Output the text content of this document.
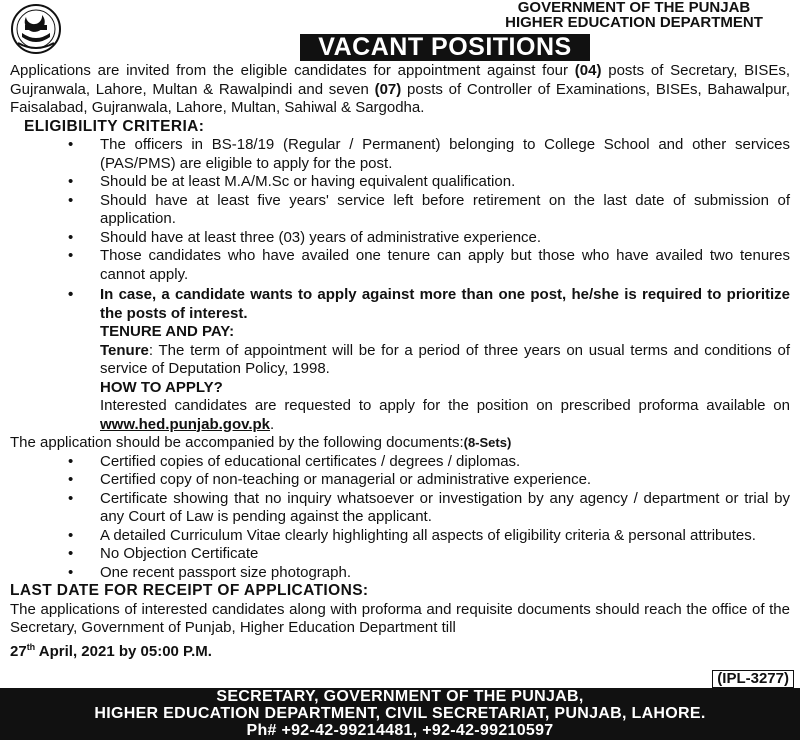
GOVERNMENT OF THE PUNJAB
HIGHER EDUCATION DEPARTMENT
VACANT POSITIONS

Applications are invited from the eligible candidates for appointment against four (04) posts of Secretary, BISEs, Gujranwala, Lahore, Multan & Rawalpindi and seven (07) posts of Controller of Examinations, BISEs, Bahawalpur, Faisalabad, Gujranwala, Lahore, Multan, Sahiwal & Sargodha.

ELIGIBILITY CRITERIA:

• The officers in BS-18/19 (Regular / Permanent) belonging to College School and other services (PAS/PMS) are eligible to apply for the post.
• Should be at least M.A/M.Sc or having equivalent qualification.
• Should have at least five years' service left before retirement on the last date of submission of application.
• Should have at least three (03) years of administrative experience.
• Those candidates who have availed one tenure can apply but those who have availed two tenures cannot apply.
• In case, a candidate wants to apply against more than one post, he/she is required to prioritize the posts of interest.

TENURE AND PAY:

Tenure: The term of appointment will be for a period of three years on usual terms and conditions of service of Deputation Policy, 1998.

HOW TO APPLY?

Interested candidates are requested to apply for the position on prescribed proforma available on www.hed.punjab.gov.pk.

The application should be accompanied by the following documents:(8-Sets)

• Certified copies of educational certificates / degrees / diplomas.
• Certified copy of non-teaching or managerial or administrative experience.
• Certificate showing that no inquiry whatsoever or investigation by any agency / department or trial by any Court of Law is pending against the applicant.
• A detailed Curriculum Vitae clearly highlighting all aspects of eligibility criteria & personal attributes.
• No Objection Certificate
• One recent passport size photograph.

LAST DATE FOR RECEIPT OF APPLICATIONS:

The applications of interested candidates along with proforma and requisite documents should reach the office of the Secretary, Government of Punjab, Higher Education Department till

27th April, 2021 by 05:00 P.M.

(IPL-3277)
SECRETARY, GOVERNMENT OF THE PUNJAB,
HIGHER EDUCATION DEPARTMENT, CIVIL SECRETARIAT, PUNJAB, LAHORE.
Ph# +92-42-99214481, +92-42-99210597
